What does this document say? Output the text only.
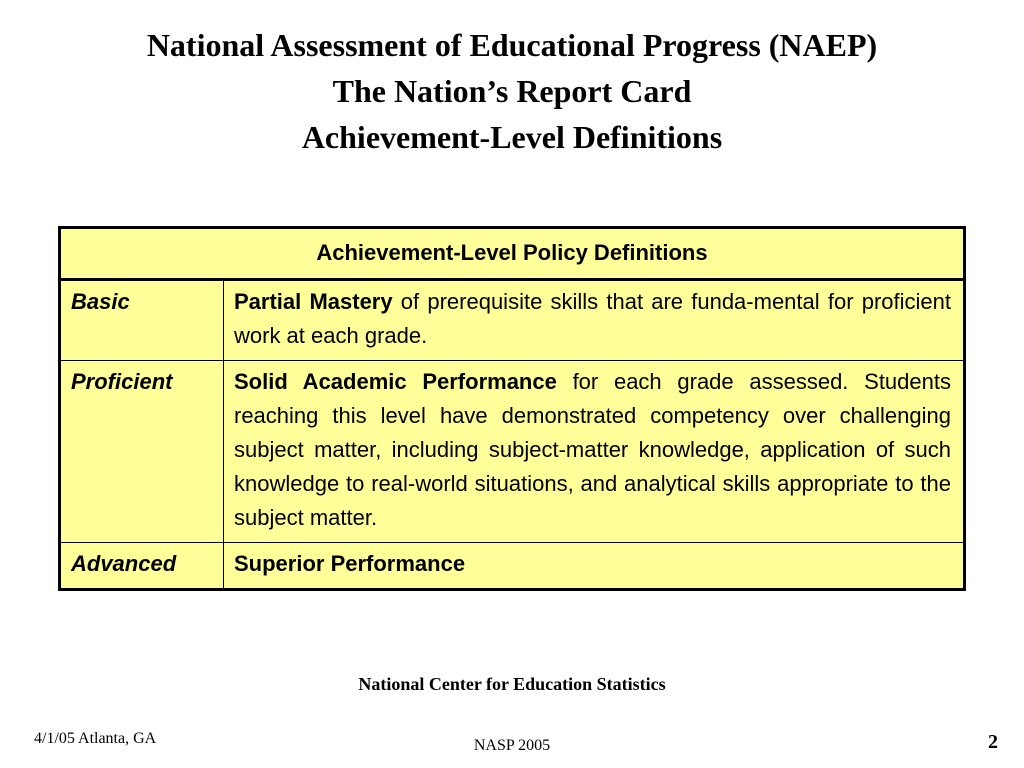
National Assessment of Educational Progress (NAEP)
The Nation’s Report Card
Achievement-Level Definitions
Achievement-Level Policy Definitions	
Basic	Partial Mastery of prerequisite skills that are funda-mental for proficient work at each grade.
Proficient	Solid Academic Performance for each grade assessed. Students reaching this level have demonstrated competency over challenging subject matter, including subject-matter knowledge, application of such knowledge to real-world situations, and analytical skills appropriate to the subject matter.
Advanced	Superior Performance
National Center for Education Statistics
4/1/05 Atlanta, GA	NASP 2005	2
